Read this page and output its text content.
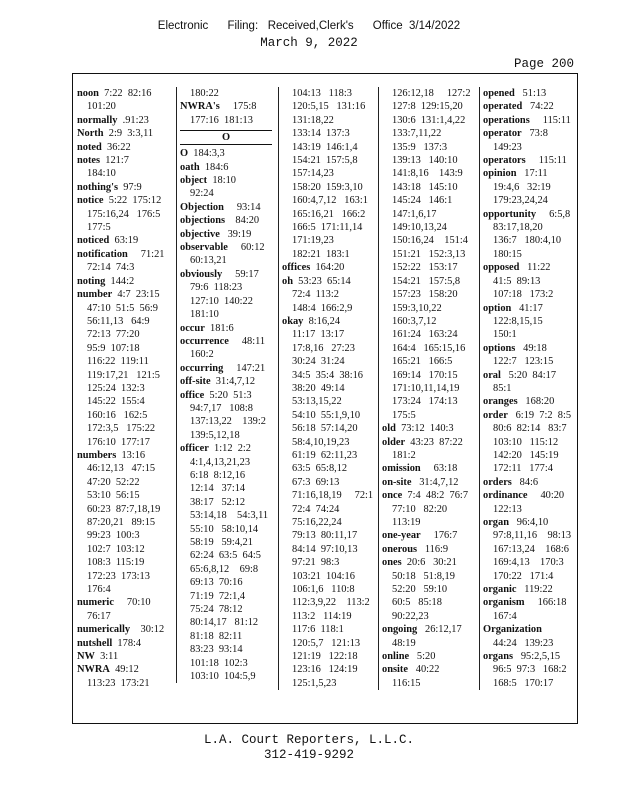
Electronic      Filing:   Received,Clerk's      Office  3/14/2022
March 9, 2022
Page 200
noon  7:22  82:16
101:20
normally  .91:23
North  2:9  3:3,11
noted  36:22
notes  121:7
184:10
nothing's  97:9
notice  5:22  175:12
175:16,24   176:5
177:5
noticed  63:19
notification     71:21
72:14  74:3
noting  144:2
number  4:7  23:15
47:10  51:5  56:9
56:11,13   64:9
72:13  77:20
95:9  107:18
116:22  119:11
119:17,21   121:5
125:24  132:3
145:22  155:4
160:16   162:5
172:3,5   175:22
176:10  177:17
numbers  13:16
46:12,13   47:15
47:20  52:22
53:10  56:15
60:23  87:7,18,19
87:20,21   89:15
99:23  100:3
102:7  103:12
108:3  115:19
172:23  173:13
176:4
numeric     70:10
76:17
numerically    30:12
nutshell  178:4
NW  3:11
NWRA  49:12
113:23  173:21
180:22
NWRA's     175:8
177:16  181:13
O
O  184:3,3
oath  184:6
object  18:10
92:24
Objection     93:14
objections    84:20
objective   39:19
observable     60:12
60:13,21
obviously     59:17
79:6  118:23
127:10  140:22
181:10
occur  181:6
occurrence     48:11
160:2
occurring     147:21
off-site  31:4,7,12
office  5:20  51:3
94:7,17   108:8
137:13,22    139:2
139:5,12,18
officer  1:12  2:2
4:1,4,13,21,23
6:18  8:12,16
12:14   37:14
38:17   52:12
53:14,18    54:3,11
55:10   58:10,14
58:19   59:4,21
62:24  63:5  64:5
65:6,8,12    69:8
69:13  70:16
71:19  72:1,4
75:24  78:12
80:14,17   81:12
81:18  82:11
83:23  93:14
101:18  102:3
103:10  104:5,9
104:13   118:3
120:5,15   131:16
131:18,22
133:14  137:3
143:19  146:1,4
154:21  157:5,8
157:14,23
158:20  159:3,10
160:4,7,12   163:1
165:16,21   166:2
166:5  171:11,14
171:19,23
182:21  183:1
offices  164:20
oh  53:23  65:14
72:4  113:2
148:4  166:2,9
okay  8:16,24
11:17  13:17
17:8,16   27:23
30:24  31:24
34:5  35:4  38:16
38:20  49:14
53:13,15,22
54:10  55:1,9,10
56:18  57:14,20
58:4,10,19,23
61:19  62:11,23
63:5  65:8,12
67:3  69:13
71:16,18,19     72:1
72:4  74:24
75:16,22,24
79:13  80:11,17
84:14  97:10,13
97:21  98:3
103:21  104:16
106:1,6   110:8
112:3,9,22    113:2
113:2   114:19
117:6  118:1
120:5,7   121:13
121:19   122:18
123:16   124:19
125:1,5,23
126:12,18     127:2
127:8  129:15,20
130:6  131:1,4,22
133:7,11,22
135:9   137:3
139:13   140:10
141:8,16    143:9
143:18   145:10
145:24   146:1
147:1,6,17
149:10,13,24
150:16,24    151:4
151:21   152:3,13
152:22   153:17
154:21   157:5,8
157:23   158:20
159:3,10,22
160:3,7,12
161:24   163:24
164:4   165:15,16
165:21   166:5
169:14   170:15
171:10,11,14,19
173:24   174:13
175:5
old  73:12  140:3
older  43:23  87:22
181:2
omission     63:18
on-site   31:4,7,12
once  7:4  48:2  76:7
77:10   82:20
113:19
one-year     176:7
onerous   116:9
ones  20:6   30:21
50:18   51:8,19
52:20   59:10
60:5   85:18
90:22,23
ongoing   26:12,17
48:19
online   5:20
onsite   40:22
116:15
opened   51:13
operated   74:22
operations     115:11
operator   73:8
149:23
operators     115:11
opinion   17:11
19:4,6   32:19
179:23,24,24
opportunity     6:5,8
83:17,18,20
136:7   180:4,10
180:15
opposed   11:22
41:5  89:13
107:18   173:2
option   41:17
122:8,15,15
150:1
options   49:18
122:7   123:15
oral   5:20  84:17
85:1
oranges   168:20
order   6:19  7:2  8:5
80:6  82:14   83:7
103:10   115:12
142:20   145:19
172:11   177:4
orders   84:6
ordinance     40:20
122:13
organ   96:4,10
97:8,11,16    98:13
167:13,24    168:6
169:4,13    170:3
170:22   171:4
organic   119:22
organism     166:18
167:4
Organization
44:24   139:23
organs   95:2,5,15
96:5  97:3   168:2
168:5   170:17
L.A. Court Reporters, L.L.C.
312-419-9292
